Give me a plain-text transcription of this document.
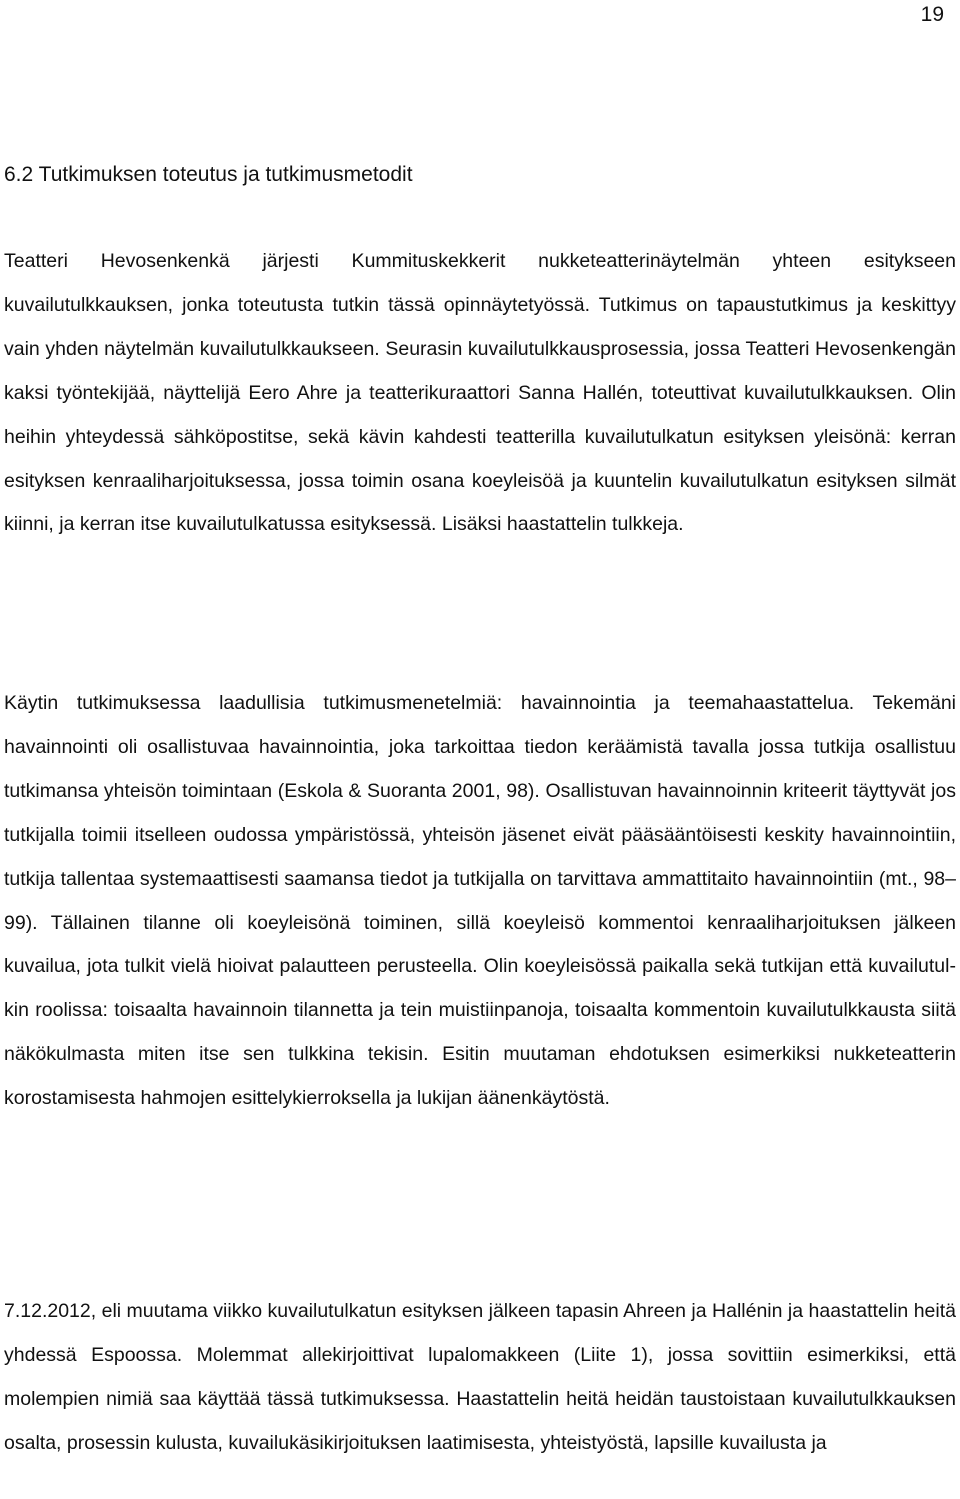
19
6.2 Tutkimuksen toteutus ja tutkimusmetodit

Teatteri Hevosenkenkä järjesti Kummituskekkerit nukketeatterinäytelmän yhteen esitykseen kuvailutulkkauksen, jonka toteutusta tutkin tässä opinnäytetyössä. Tutkimus on tapaustutkimus ja keskittyy vain yhden näytelmän kuvailutulkkaukseen. Seurasin kuvailutulkkausprosessia, jossa Teatteri Hevosenkengän kaksi työntekijää, näyttelijä Eero Ahre ja teatterikuraattori Sanna Hallén, toteuttivat kuvailutulkkauksen. Olin heihin yhteydessä sähköpostitse, sekä kävin kahdesti teatterilla kuvailutulkatun esityksen yleisönä: kerran esityksen kenraaliharjoituksessa, jossa toimin osana koeyleisöä ja kuuntelin kuvailutulkatun esityksen silmät kiinni, ja kerran itse kuvailutulkatussa esityksessä. Lisäksi haastattelin tulkkeja.

Käytin tutkimuksessa laadullisia tutkimusmenetelmiä: havainnointia ja teemahaastattelua. Tekemäni havainnointi oli osallistuvaa havainnointia, joka tarkoittaa tiedon keräämistä tavalla jossa tutkija osallistuu tutkimansa yhteisön toimintaan (Eskola & Suoranta 2001, 98). Osallistuvan havainnoinnin kriteerit täyttyvät jos tutkijalla toimii itselleen oudossa ympäristössä, yhteisön jäsenet eivät pääsääntöisesti keskity havainnointiin, tutkija tallentaa systemaattisesti saamansa tiedot ja tutkijalla on tarvittava ammattitaito havainnointiin (mt., 98–99). Tällainen tilanne oli koeyleisönä toiminen, sillä koeyleisö kommentoi kenraaliharjoituksen jälkeen kuvailua, jota tulkit vielä hioivat palautteen perusteella. Olin koeyleisössä paikalla sekä tutkijan että kuvailutulkin roolissa: toisaalta havainnoin tilannetta ja tein muistiinpanoja, toisaalta kommentoin kuvailutulkkausta siitä näkökulmasta miten itse sen tulkkina tekisin. Esitin muutaman ehdotuksen esimerkiksi nukketeatterin korostamisesta hahmojen esittelykierroksella ja lukijan äänenkäytöstä.

7.12.2012, eli muutama viikko kuvailutulkatun esityksen jälkeen tapasin Ahreen ja Hallénin ja haastattelin heitä yhdessä Espoossa. Molemmat allekirjoittivat lupalomakkeen (Liite 1), jossa sovittiin esimerkiksi, että molempien nimiä saa käyttää tässä tutkimuksessa. Haastattelin heitä heidän taustoistaan kuvailutulkkauksen osalta, prosessin kulusta, kuvailukäsikirjoituksen laatimisesta, yhteistyöstä, lapsille kuvailusta ja
